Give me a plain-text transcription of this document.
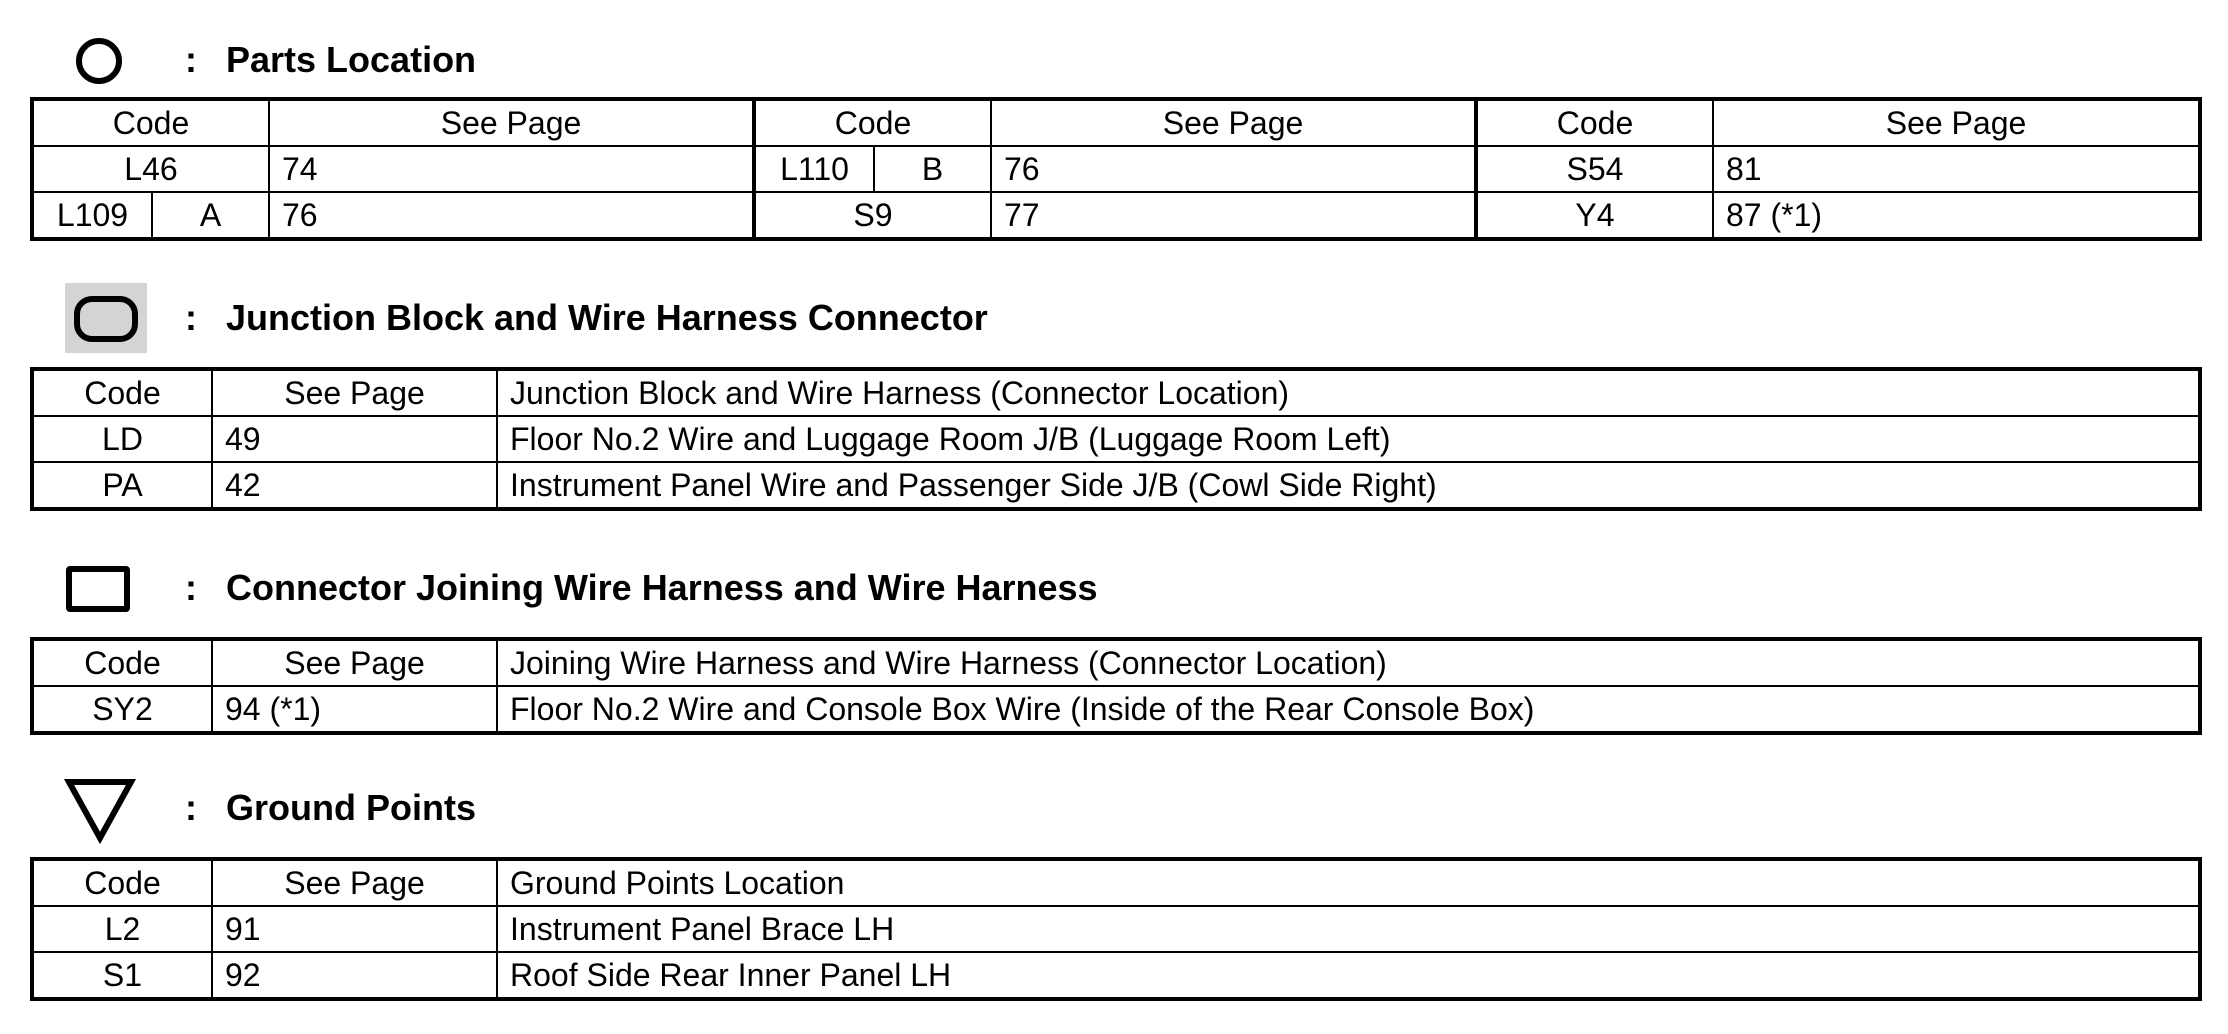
: Parts Location
Code		See Page	Code		See Page	Code	See Page
L46		74	L110	B	76	S54	81
L109	A	76	S9		77	Y4	87 (*1)
: Junction Block and Wire Harness Connector
Code	See Page	Junction Block and Wire Harness (Connector Location)
LD	49	Floor No.2 Wire and Luggage Room J/B (Luggage Room Left)
PA	42	Instrument Panel Wire and Passenger Side J/B (Cowl Side Right)
: Connector Joining Wire Harness and Wire Harness
Code	See Page	Joining Wire Harness and Wire Harness (Connector Location)
SY2	94 (*1)	Floor No.2 Wire and Console Box Wire (Inside of the Rear Console Box)
: Ground Points
Code	See Page	Ground Points Location
L2	91	Instrument Panel Brace LH
S1	92	Roof Side Rear Inner Panel LH
